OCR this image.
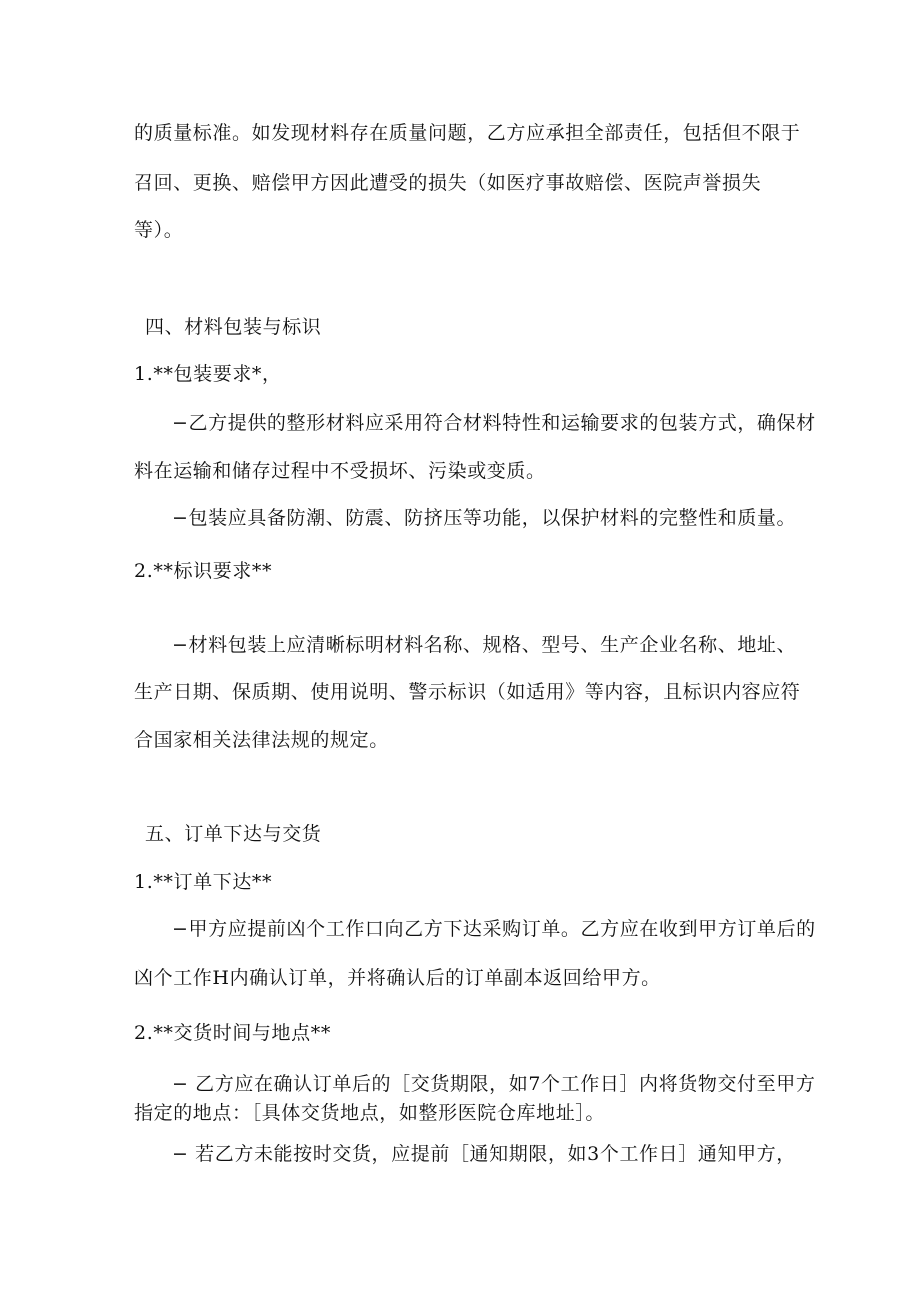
的质量标准。如发现材料存在质量问题，乙方应承担全部责任，包括但不限于
召回、更换、赔偿甲方因此遭受的损失（如医疗事故赔偿、医院声誉损失
等）。
四、材料包装与标识
1.**包装要求*，
−乙方提供的整形材料应采用符合材料特性和运输要求的包装方式，确保材
料在运输和储存过程中不受损坏、污染或变质。
−包装应具备防潮、防震、防挤压等功能，以保护材料的完整性和质量。
2.**标识要求**
−材料包装上应清晰标明材料名称、规格、型号、生产企业名称、地址、
生产日期、保质期、使用说明、警示标识（如适用》等内容，且标识内容应符
合国家相关法律法规的规定。
五、订单下达与交货
1.**订单下达**
−甲方应提前凶个工作口向乙方下达采购订单。乙方应在收到甲方订单后的
凶个工作H内确认订单，并将确认后的订单副本返回给甲方。
2.**交货时间与地点**
− 乙方应在确认订单后的［交货期限，如7个工作日］内将货物交付至甲方
指定的地点：［具体交货地点，如整形医院仓库地址］。
− 若乙方未能按时交货，应提前［通知期限，如3个工作日］通知甲方，
